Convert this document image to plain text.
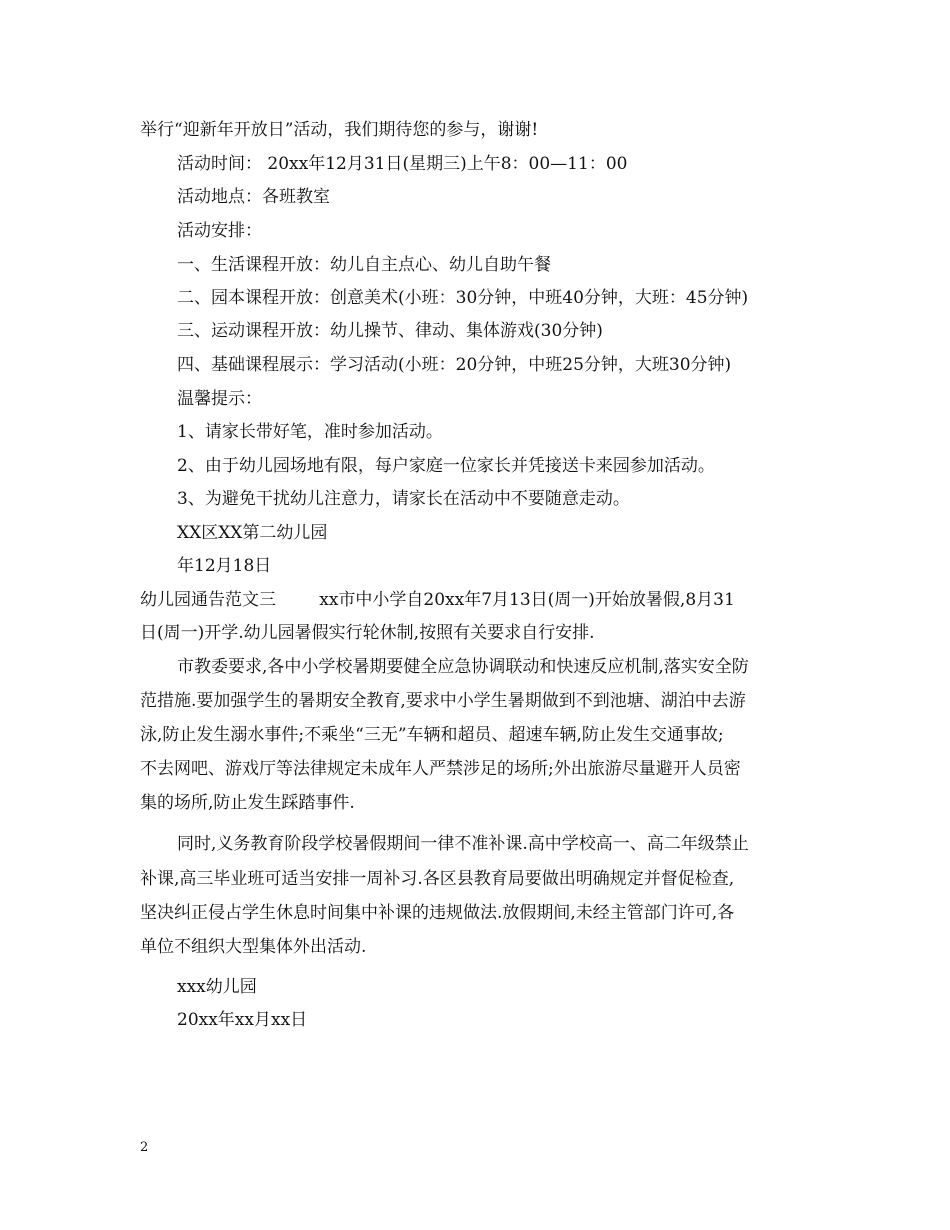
举行“迎新年开放日”活动，我们期待您的参与，谢谢!
活动时间： 20xx年12月31日(星期三)上午8：00—11：00
活动地点：各班教室
活动安排：
一、生活课程开放：幼儿自主点心、幼儿自助午餐
二、园本课程开放：创意美术(小班：30分钟，中班40分钟，大班：45分钟)
三、运动课程开放：幼儿操节、律动、集体游戏(30分钟)
四、基础课程展示：学习活动(小班：20分钟，中班25分钟，大班30分钟)
温馨提示：
1、请家长带好笔，准时参加活动。
2、由于幼儿园场地有限，每户家庭一位家长并凭接送卡来园参加活动。
3、为避免干扰幼儿注意力，请家长在活动中不要随意走动。
XX区XX第二幼儿园
年12月18日
幼儿园通告范文三        xx市中小学自20xx年7月13日(周一)开始放暑假,8月31
日(周一)开学.幼儿园暑假实行轮休制,按照有关要求自行安排.
市教委要求,各中小学校暑期要健全应急协调联动和快速反应机制,落实安全防
范措施.要加强学生的暑期安全教育,要求中小学生暑期做到不到池塘、湖泊中去游
泳,防止发生溺水事件;不乘坐“三无”车辆和超员、超速车辆,防止发生交通事故;
不去网吧、游戏厅等法律规定未成年人严禁涉足的场所;外出旅游尽量避开人员密
集的场所,防止发生踩踏事件.
同时,义务教育阶段学校暑假期间一律不准补课.高中学校高一、高二年级禁止
补课,高三毕业班可适当安排一周补习.各区县教育局要做出明确规定并督促检查,
坚决纠正侵占学生休息时间集中补课的违规做法.放假期间,未经主管部门许可,各
单位不组织大型集体外出活动.
xxx幼儿园
20xx年xx月xx日
2
